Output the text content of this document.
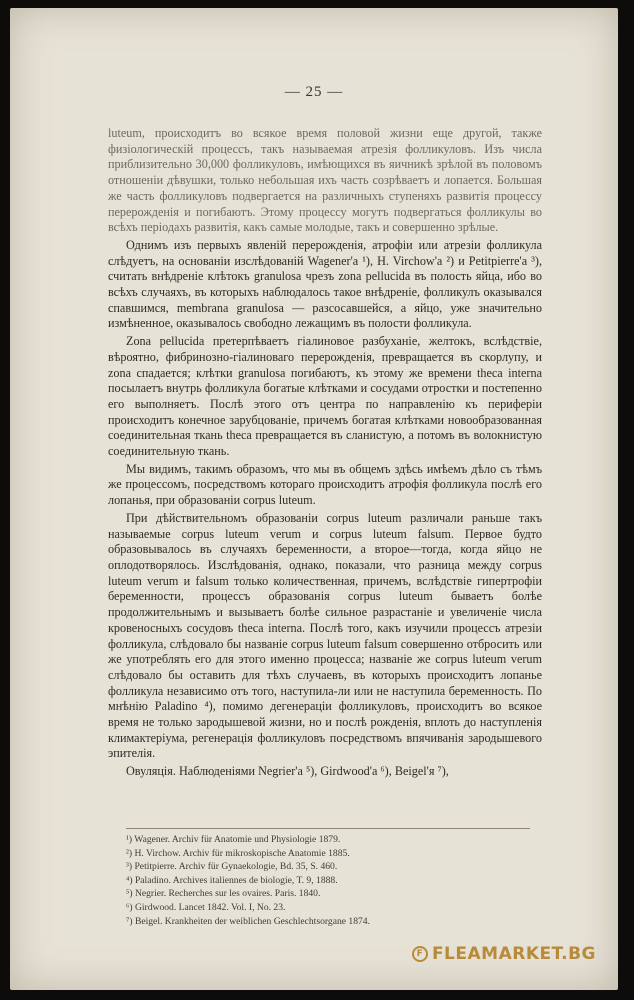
— 25 —

luteum, происходитъ во всякое время половой жизни еще другой, также физiологическiй процессъ, такъ называемая атрезiя фолликуловъ. Изъ числа приблизительно 30,000 фолликуловъ, имѣющихся въ яичникѣ зрѣлой въ половомъ отношенiи дѣвушки, только небольшая ихъ часть созрѣваетъ и лопается. Большая же часть фолликуловъ подвергается на различныхъ ступеняхъ развитiя процессу перерожденiя и погибаютъ. Этому процессу могутъ подвергаться фолликулы во всѣхъ перiодахъ развитiя, какъ самые молодые, такъ и совершенно зрѣлые.

Однимъ изъ первыхъ явленiй перерожденiя, атрофiи или атрезiи фолликула слѣдуетъ, на основанiи изслѣдованiй Wagener'a ¹), H. Virchow'a ²) и Petitpierre'a ³), считать внѣдренiе клѣтокъ granulosa чрезъ zona pellucida въ полость яйца, ибо во всѣхъ случаяхъ, въ которыхъ наблюдалось такое внѣдренiе, фолликулъ оказывался спавшимся, membrana granulosa — разсосавшейся, а яйцо, уже значительно измѣненное, оказывалось свободно лежащимъ въ полости фолликула.

Zona pellucida претерпѣваетъ гiалиновое разбуханiе, желтокъ, вслѣдствiе, вѣроятно, фибринозно-гiалиноваго перерожденiя, превращается въ скорлупу, и zona спадается; клѣтки granulosa погибаютъ, къ этому же времени theca interna посылаетъ внутрь фолликула богатые клѣтками и сосудами отростки и постепенно его выполняетъ. Послѣ этого отъ центра по направленiю къ периферiи происходитъ конечное зарубцованiе, причемъ богатая клѣтками новообразованная соединительная ткань theca превращается въ сланистую, а потомъ въ волокнистую соединительную ткань.

Мы видимъ, такимъ образомъ, что мы въ общемъ здѣсь имѣемъ дѣло съ тѣмъ же процессомъ, посредствомъ котораго происходитъ атрофiя фолликула послѣ его лопанья, при образованiи corpus luteum.

При дѣйствительномъ образованiи corpus luteum различали раньше такъ называемые corpus luteum verum и corpus luteum falsum. Первое будто образовывалось въ случаяхъ беременности, а второе—тогда, когда яйцо не оплодотворялось. Изслѣдованiя, однако, показали, что разница между corpus luteum verum и falsum только количественная, причемъ, вслѣдствiе гипертрофiи беременности, процессъ образованiя corpus luteum бываетъ болѣе продолжительнымъ и вызываетъ болѣе сильное разрастанiе и увеличенiе числа кровеносныхъ сосудовъ theca interna. Послѣ того, какъ изучили процессъ атрезiи фолликула, слѣдовало бы названiе corpus luteum falsum совершенно отбросить или же употреблять его для этого именно процесса; названiе же corpus luteum verum слѣдовало бы оставить для тѣхъ случаевъ, въ которыхъ происходитъ лопанье фолликула независимо отъ того, наступила-ли или не наступила беременность. По мнѣнiю Paladino ⁴), помимо дегенерацiи фолликуловъ, происходитъ во всякое время не только зародышевой жизни, но и послѣ рожденiя, вплоть до наступленiя климактерiума, регенерацiя фолликуловъ посредствомъ впячиванiя зародышевого эпителiя.

Овуляцiя. Наблюденiями Negrier'a ⁵), Girdwood'a ⁶), Beigel'я ⁷),

¹) Wagener. Archiv für Anatomie und Physiologie 1879.
²) H. Virchow. Archiv für mikroskopische Anatomie 1885.
³) Petitpierre. Archiv für Gynaekologie, Bd. 35, S. 460.
⁴) Paladino. Archives italiennes de biologie, T. 9, 1888.
⁵) Negrier. Recherches sur les ovaires. Paris. 1840.
⁶) Girdwood. Lancet 1842. Vol. I, No. 23.
⁷) Beigel. Krankheiten der weiblichen Geschlechtsorgane 1874.
F FLEAMARKET.BG
